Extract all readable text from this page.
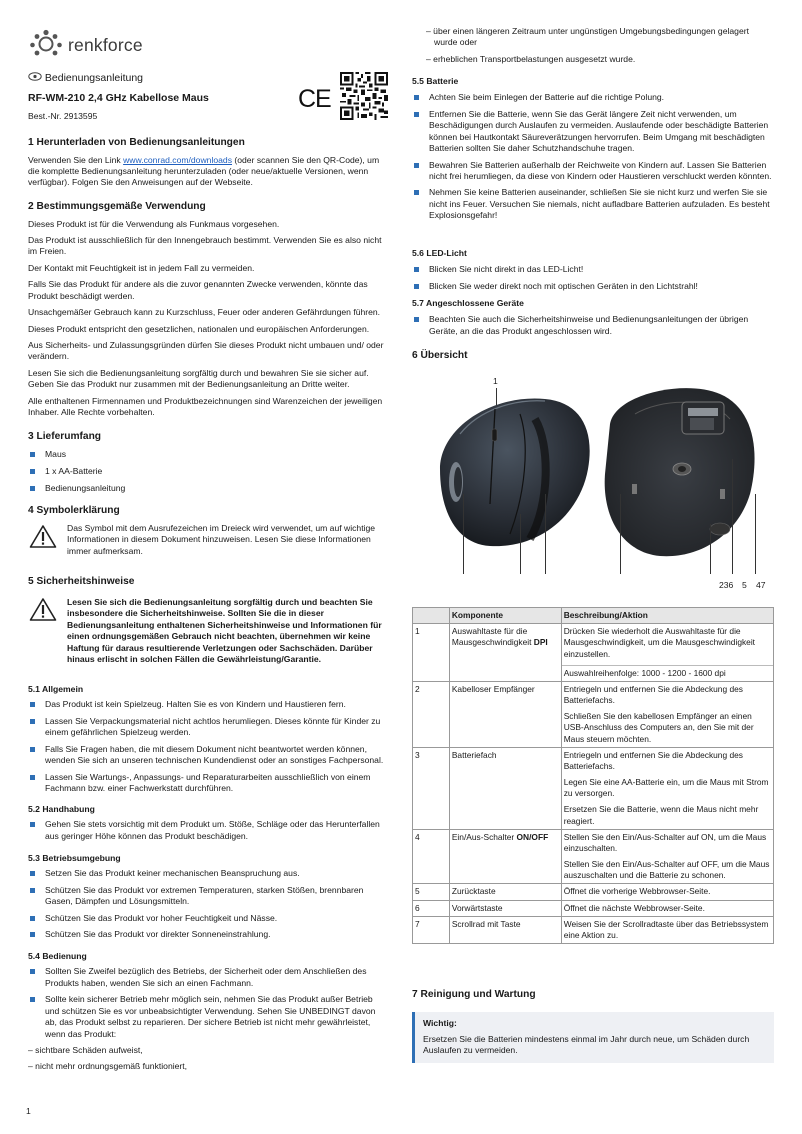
renkforce
Bedienungsanleitung
RF-WM-210 2,4 GHz Kabellose Maus
Best.-Nr. 2913595
1 Herunterladen von Bedienungsanleitungen

Verwenden Sie den Link www.conrad.com/downloads (oder scannen Sie den QR-Code), um die komplette Bedienungsanleitung herunterzuladen (oder neue/aktuelle Versionen, wenn verfügbar). Folgen Sie den Anweisungen auf der Webseite.

2 Bestimmungsgemäße Verwendung

Dieses Produkt ist für die Verwendung als Funkmaus vorgesehen.

Das Produkt ist ausschließlich für den Innengebrauch bestimmt. Verwenden Sie es also nicht im Freien.

Der Kontakt mit Feuchtigkeit ist in jedem Fall zu vermeiden.

Falls Sie das Produkt für andere als die zuvor genannten Zwecke verwenden, könnte das Produkt beschädigt werden.

Unsachgemäßer Gebrauch kann zu Kurzschluss, Feuer oder anderen Gefährdungen führen.

Dieses Produkt entspricht den gesetzlichen, nationalen und europäischen Anforderungen.

Aus Sicherheits- und Zulassungsgründen dürfen Sie dieses Produkt nicht umbauen und/ oder verändern.

Lesen Sie sich die Bedienungsanleitung sorgfältig durch und bewahren Sie sie sicher auf. Geben Sie das Produkt nur zusammen mit der Bedienungsanleitung an Dritte weiter.

Alle enthaltenen Firmennamen und Produktbezeichnungen sind Warenzeichen der jeweiligen Inhaber. Alle Rechte vorbehalten.

3 Lieferumfang
Maus
1 x AA-Batterie
Bedienungsanleitung
4 Symbolerklärung

Das Symbol mit dem Ausrufezeichen im Dreieck wird verwendet, um auf wichtige Informationen in diesem Dokument hinzuweisen. Lesen Sie diese Informationen immer aufmerksam.

5 Sicherheitshinweise

Lesen Sie sich die Bedienungsanleitung sorgfältig durch und beachten Sie insbesondere die Sicherheitshinweise. Sollten Sie die in dieser Bedienungsanleitung enthaltenen Sicherheitshinweise und Informationen für einen ordnungsgemäßen Gebrauch nicht beachten, übernehmen wir keine Haftung für daraus resultierende Verletzungen oder Sachschäden. Darüber hinaus erlischt in solchen Fällen die Gewährleistung/Garantie.

5.1 Allgemein
Das Produkt ist kein Spielzeug. Halten Sie es von Kindern und Haustieren fern.
Lassen Sie Verpackungsmaterial nicht achtlos herumliegen. Dieses könnte für Kinder zu einem gefährlichen Spielzeug werden.
Falls Sie Fragen haben, die mit diesem Dokument nicht beantwortet werden können, wenden Sie sich an unseren technischen Kundendienst oder an sonstiges Fachpersonal.
Lassen Sie Wartungs-, Anpassungs- und Reparaturarbeiten ausschließlich von einem Fachmann bzw. einer Fachwerkstatt durchführen.
5.2 Handhabung
Gehen Sie stets vorsichtig mit dem Produkt um. Stöße, Schläge oder das Herunterfallen aus geringer Höhe können das Produkt beschädigen.
5.3 Betriebsumgebung
Setzen Sie das Produkt keiner mechanischen Beanspruchung aus.
Schützen Sie das Produkt vor extremen Temperaturen, starken Stößen, brennbaren Gasen, Dämpfen und Lösungsmitteln.
Schützen Sie das Produkt vor hoher Feuchtigkeit und Nässe.
Schützen Sie das Produkt vor direkter Sonneneinstrahlung.
5.4 Bedienung
Sollten Sie Zweifel bezüglich des Betriebs, der Sicherheit oder dem Anschließen des Produkts haben, wenden Sie sich an einen Fachmann.
Sollte kein sicherer Betrieb mehr möglich sein, nehmen Sie das Produkt außer Betrieb und schützen Sie es vor unbeabsichtigter Verwendung. Sehen Sie UNBEDINGT davon ab, das Produkt selbst zu reparieren. Der sichere Betrieb ist nicht mehr gewährleistet, wenn das Produkt:

– sichtbare Schäden aufweist,

– nicht mehr ordnungsgemäß funktioniert,

1
CE

– über einen längeren Zeitraum unter ungünstigen Umgebungsbedingungen gelagert wurde oder

– erheblichen Transportbelastungen ausgesetzt wurde.

5.5 Batterie
Achten Sie beim Einlegen der Batterie auf die richtige Polung.
Entfernen Sie die Batterie, wenn Sie das Gerät längere Zeit nicht verwenden, um Beschädigungen durch Auslaufen zu vermeiden. Auslaufende oder beschädigte Batterien können bei Hautkontakt Säureverätzungen hervorrufen. Beim Umgang mit beschädigten Batterien sollten Sie daher Schutzhandschuhe tragen.
Bewahren Sie Batterien außerhalb der Reichweite von Kindern auf. Lassen Sie Batterien nicht frei herumliegen, da diese von Kindern oder Haustieren verschluckt werden könnten.
Nehmen Sie keine Batterien auseinander, schließen Sie sie nicht kurz und werfen Sie sie nicht ins Feuer. Versuchen Sie niemals, nicht aufladbare Batterien aufzuladen. Es besteht Explosionsgefahr!
5.6 LED-Licht
Blicken Sie nicht direkt in das LED-Licht!
Blicken Sie weder direkt noch mit optischen Geräten in den Lichtstrahl!
5.7 Angeschlossene Geräte
Beachten Sie auch die Sicherheitshinweise und Bedienungsanleitungen der übrigen Geräte, an die das Produkt angeschlossen wird.
6 Übersicht
1
236 5 47
	Komponente	Beschreibung/Aktion
1	Auswahltaste für die Mausgeschwindigkeit DPI	Drücken Sie wiederholt die Auswahltaste für die Mausgeschwindigkeit, um die Mausgeschwindigkeit einzustellen.

Auswahlreihenfolge: 1000 - 1200 - 1600 dpi

2	Kabelloser Empfänger	Entriegeln und entfernen Sie die Abdeckung des Batteriefachs.

Schließen Sie den kabellosen Empfänger an einen USB-Anschluss des Computers an, den Sie mit der Maus steuern möchten.

3	Batteriefach	Entriegeln und entfernen Sie die Abdeckung des Batteriefachs.

Legen Sie eine AA-Batterie ein, um die Maus mit Strom zu versorgen.

Ersetzen Sie die Batterie, wenn die Maus nicht mehr reagiert.

4	Ein/Aus-Schalter ON/OFF	Stellen Sie den Ein/Aus-Schalter auf ON, um die Maus einzuschalten.

Stellen Sie den Ein/Aus-Schalter auf OFF, um die Maus auszuschalten und die Batterie zu schonen.

5	Zurücktaste	Öffnet die vorherige Webbrowser-Seite.
6	Vorwärtstaste	Öffnet die nächste Webbrowser-Seite.
7	Scrollrad mit Taste	Weisen Sie der Scrollradtaste über das Betriebssystem eine Aktion zu.
7 Reinigung und Wartung
Wichtig:
Ersetzen Sie die Batterien mindestens einmal im Jahr durch neue, um Schäden durch Auslaufen zu vermeiden.
